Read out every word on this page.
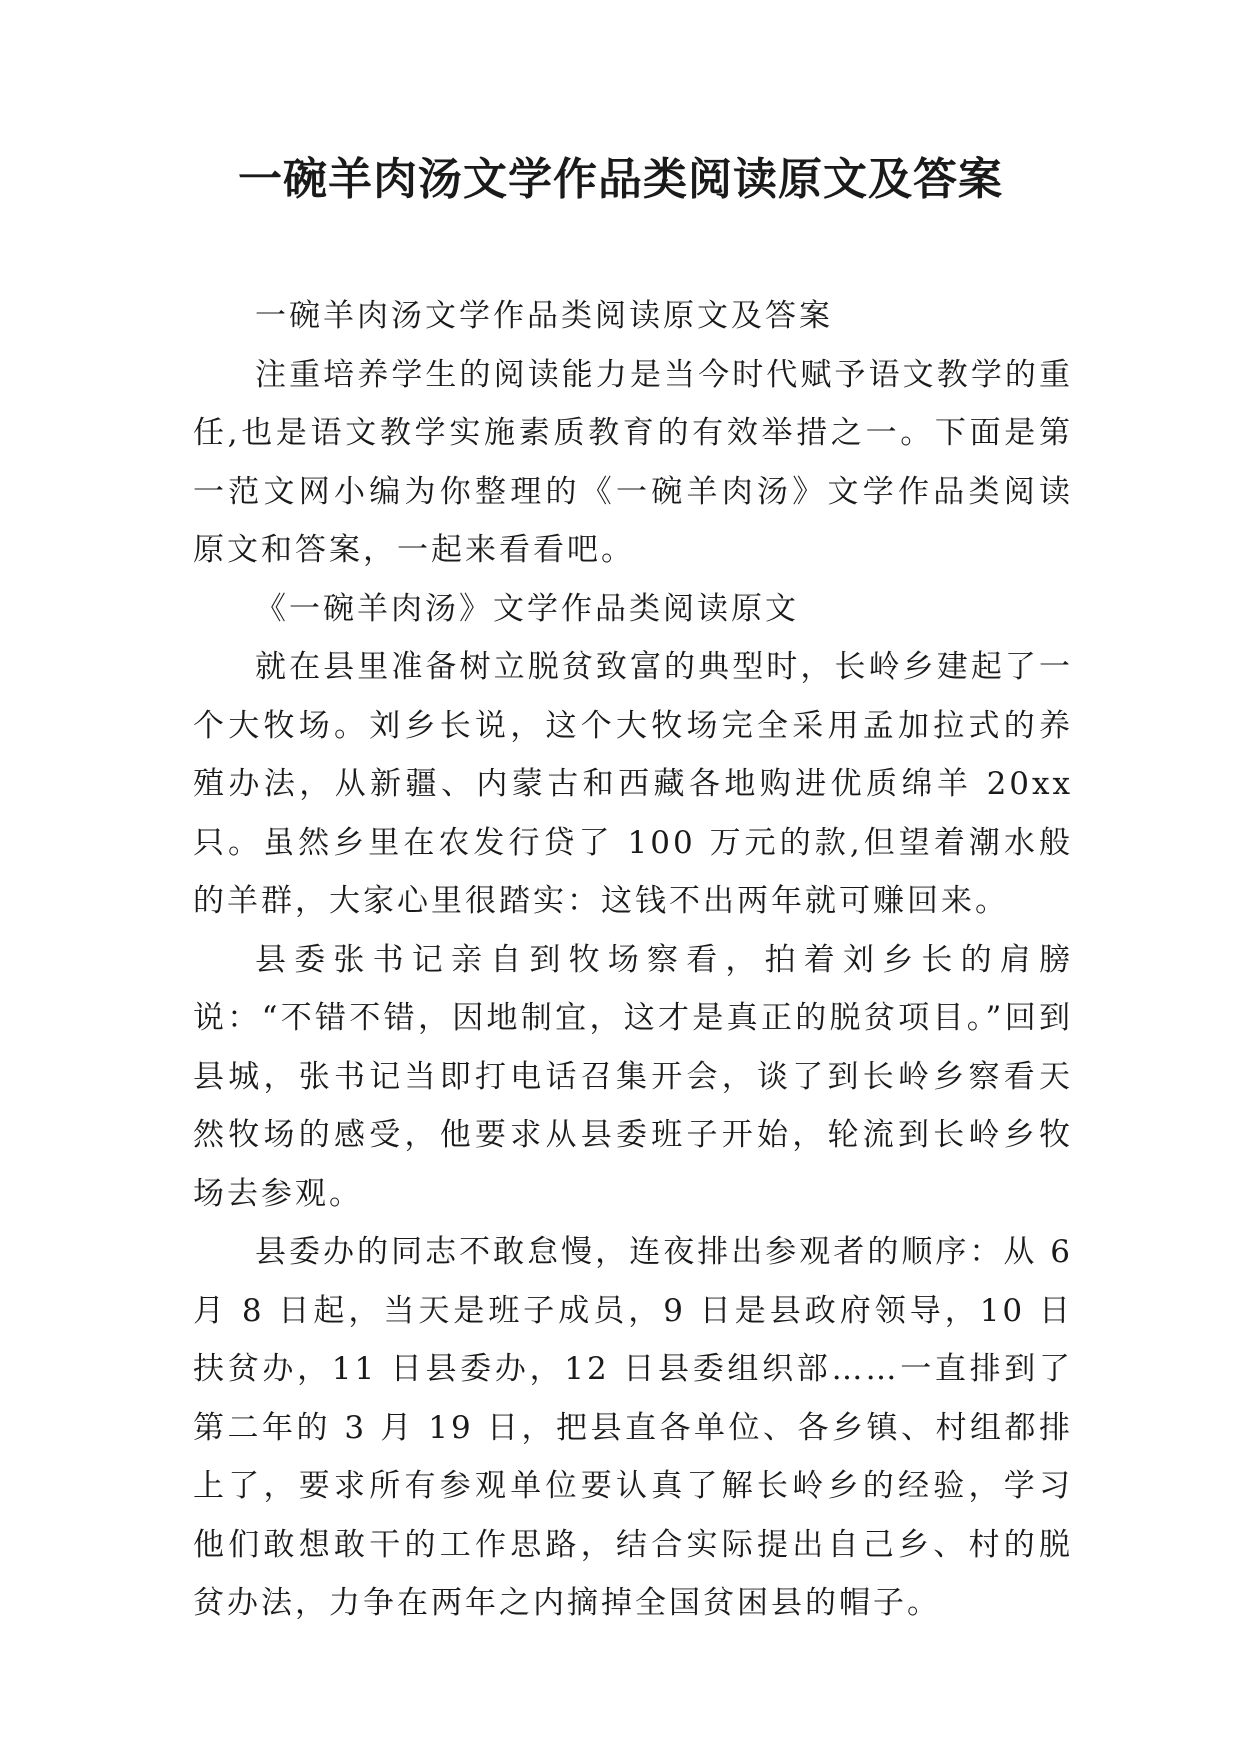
一碗羊肉汤文学作品类阅读原文及答案

一碗羊肉汤文学作品类阅读原文及答案

注重培养学生的阅读能力是当今时代赋予语文教学的重任,也是语文教学实施素质教育的有效举措之一。下面是第一范文网小编为你整理的《一碗羊肉汤》文学作品类阅读原文和答案，一起来看看吧。

《一碗羊肉汤》文学作品类阅读原文

就在县里准备树立脱贫致富的典型时，长岭乡建起了一个大牧场。刘乡长说，这个大牧场完全采用孟加拉式的养殖办法，从新疆、内蒙古和西藏各地购进优质绵羊 20xx 只。虽然乡里在农发行贷了 100 万元的款,但望着潮水般的羊群，大家心里很踏实：这钱不出两年就可赚回来。

县委张书记亲自到牧场察看，拍着刘乡长的肩膀说：“不错不错，因地制宜，这才是真正的脱贫项目。”回到县城，张书记当即打电话召集开会，谈了到长岭乡察看天然牧场的感受，他要求从县委班子开始，轮流到长岭乡牧场去参观。

县委办的同志不敢怠慢，连夜排出参观者的顺序：从 6 月 8 日起，当天是班子成员，9 日是县政府领导，10 日扶贫办，11 日县委办，12 日县委组织部……一直排到了第二年的 3 月 19 日，把县直各单位、各乡镇、村组都排上了，要求所有参观单位要认真了解长岭乡的经验，学习他们敢想敢干的工作思路，结合实际提出自己乡、村的脱贫办法，力争在两年之内摘掉全国贫困县的帽子。
